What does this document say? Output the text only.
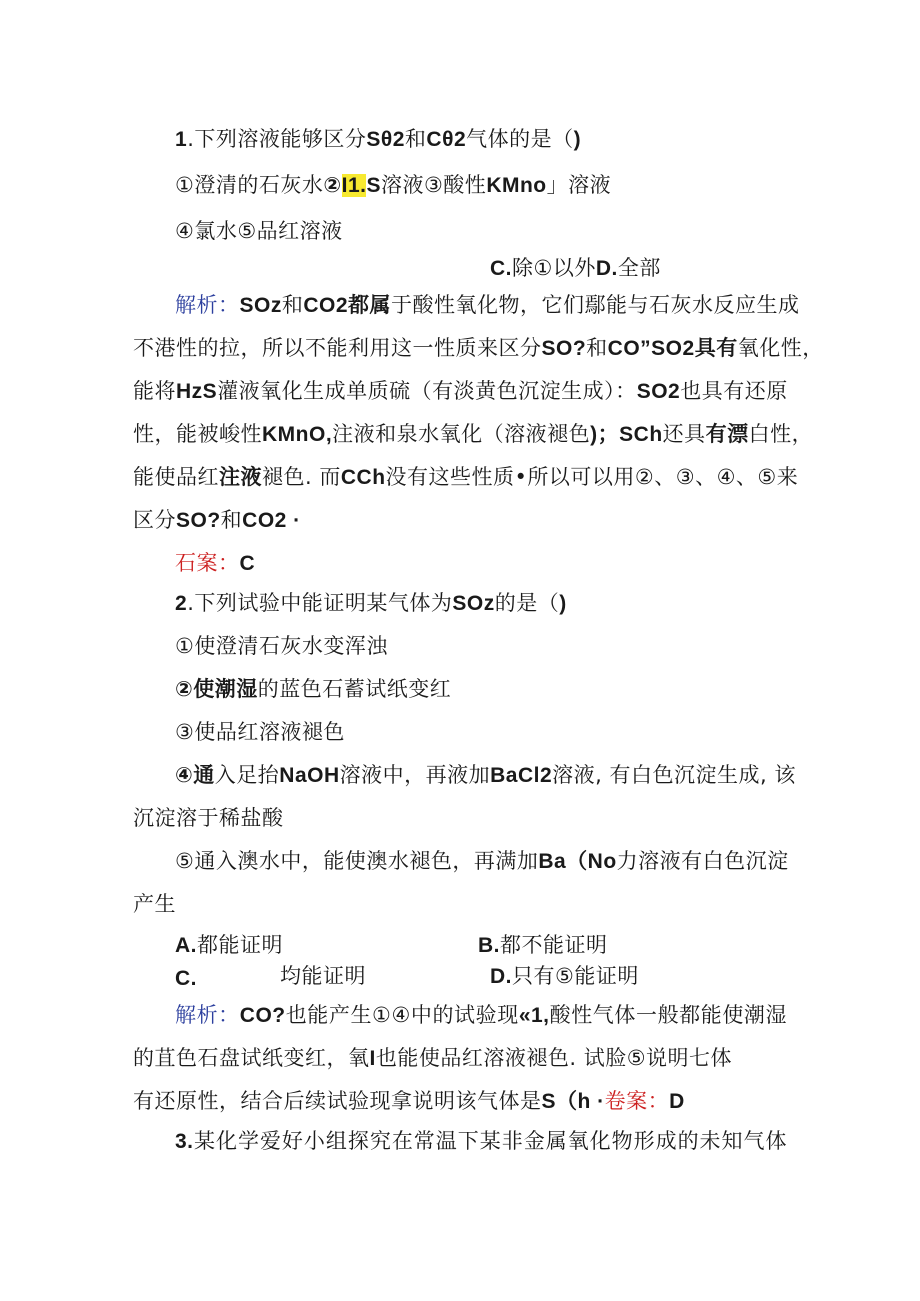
1.下列溶液能够区分Sθ2和Cθ2气体的是（)
①澄清的石灰水②I1.S溶液③酸性KMno」溶液
④氯水⑤品红溶液
C.除①以外D.全部
解析：SOz和CO2都属于酸性氧化物，它们鄢能与石灰水反应生成
不港性的拉，所以不能利用这一性质来区分SO?和CO”SO2具有氧化性，
能将HzS灌液氧化生成单质硫（有淡黄色沉淀生成）：SO2也具有还原
性，能被峻性KMnO,注液和泉水氧化（溶液褪色)；SCh还具有漂白性，
能使品红注液褪色. 而CCh没有这些性质•所以可以用②、③、④、⑤来
区分SO?和CO2 ·
石案：C
2.下列试验中能证明某气体为SOz的是（)
①使澄清石灰水变浑浊
②使潮湿的蓝色石蓄试纸变红
③使品红溶液褪色
④通入足抬NaOH溶液中，再液加BaCl2溶液, 有白色沉淀生成, 该
沉淀溶于稀盐酸
⑤通入澳水中，能使澳水褪色，再满加Ba（No力溶液有白色沉淀
产生
A.都能证明	B.都不能证明
C.	均能证明	D.只有⑤能证明
解析：CO?也能产生①④中的试验现«1,酸性气体一般都能使潮湿
的苴色石盘试纸变红，氧I也能使品红溶液褪色. 试脸⑤说明七体
有还原性，结合后续试验现拿说明该气体是S（h ·卷案：D
3.某化学爱好小组探究在常温下某非金属氧化物形成的未知气体
